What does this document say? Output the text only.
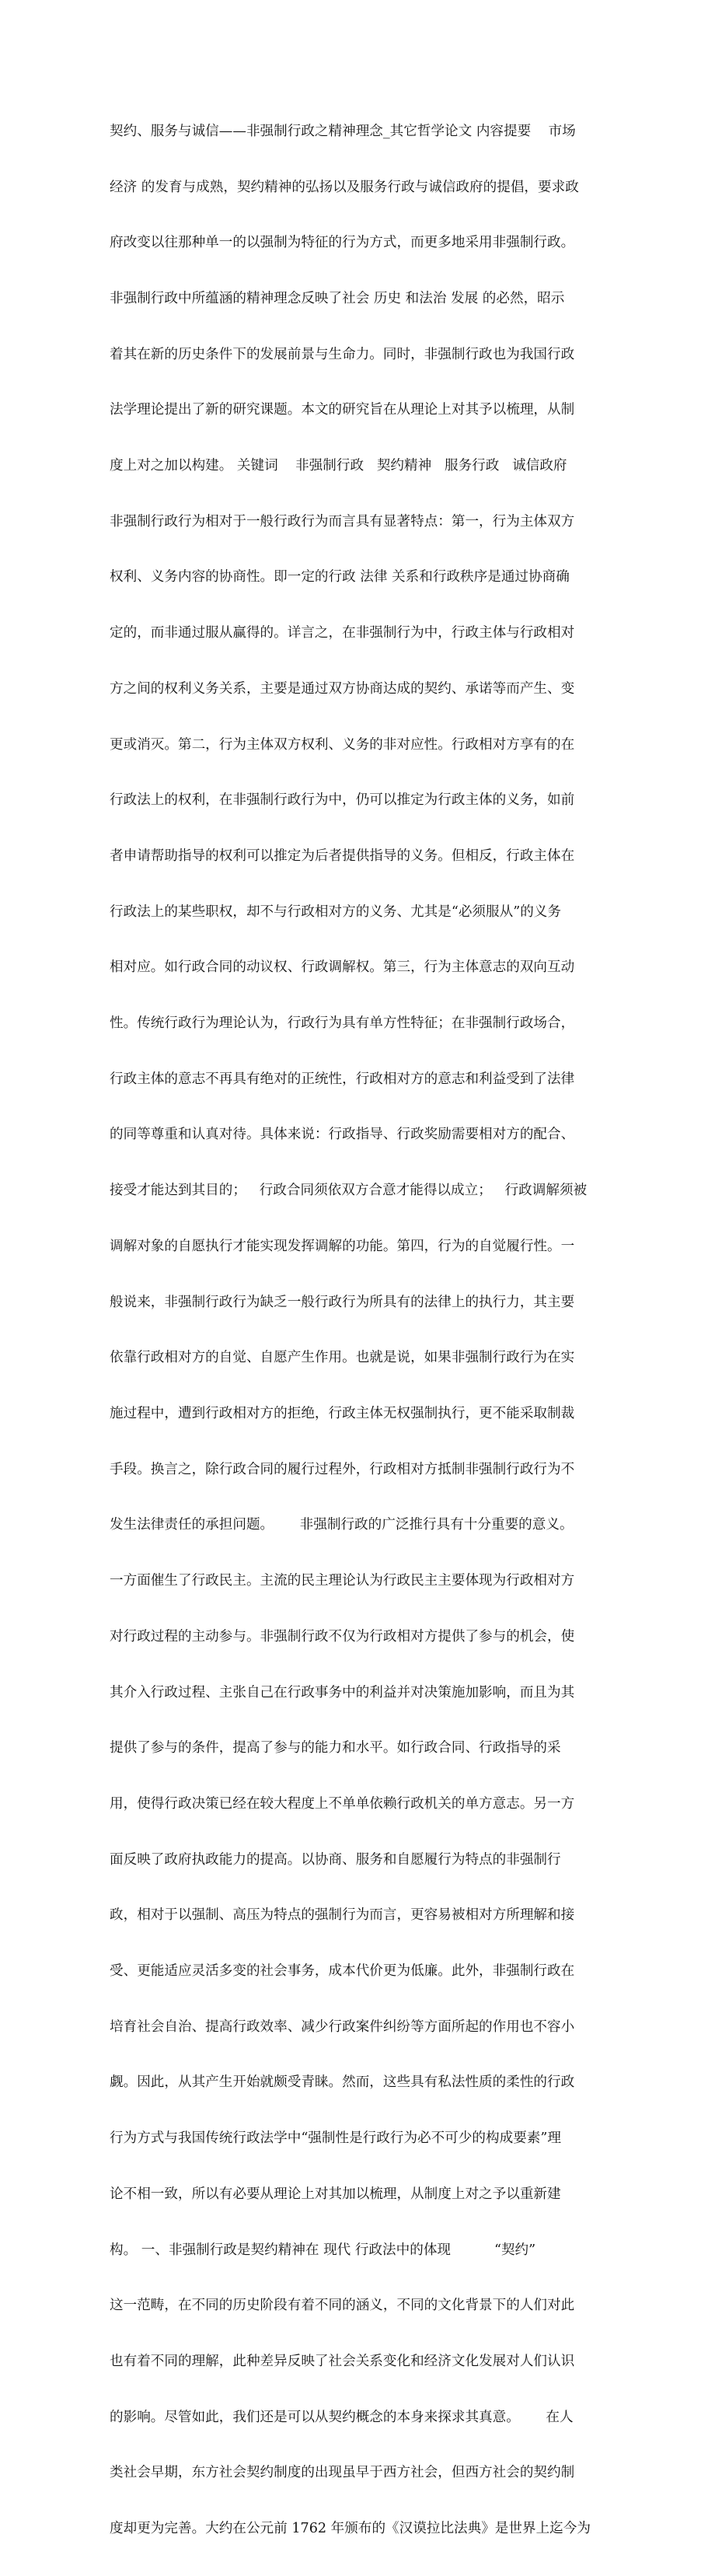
契约、服务与诚信——非强制行政之精神理念_其它哲学论文 内容提要    市场

经济 的发育与成熟，契约精神的弘扬以及服务行政与诚信政府的提倡，要求政

府改变以往那种单一的以强制为特征的行为方式，而更多地采用非强制行政。

非强制行政中所蕴涵的精神理念反映了社会 历史 和法治 发展 的必然，昭示

着其在新的历史条件下的发展前景与生命力。同时，非强制行政也为我国行政

法学理论提出了新的研究课题。本文的研究旨在从理论上对其予以梳理，从制

度上对之加以构建。 关键词    非强制行政   契约精神   服务行政   诚信政府

非强制行政行为相对于一般行政行为而言具有显著特点：第一，行为主体双方

权利、义务内容的协商性。即一定的行政 法律 关系和行政秩序是通过协商确

定的，而非通过服从赢得的。详言之，在非强制行为中，行政主体与行政相对

方之间的权利义务关系，主要是通过双方协商达成的契约、承诺等而产生、变

更或消灭。第二，行为主体双方权利、义务的非对应性。行政相对方享有的在

行政法上的权利，在非强制行政行为中，仍可以推定为行政主体的义务，如前

者申请帮助指导的权利可以推定为后者提供指导的义务。但相反，行政主体在

行政法上的某些职权，却不与行政相对方的义务、尤其是“必须服从”的义务

相对应。如行政合同的动议权、行政调解权。第三，行为主体意志的双向互动

性。传统行政行为理论认为，行政行为具有单方性特征；在非强制行政场合，

行政主体的意志不再具有绝对的正统性，行政相对方的意志和利益受到了法律

的同等尊重和认真对待。具体来说：行政指导、行政奖励需要相对方的配合、

接受才能达到其目的；   行政合同须依双方合意才能得以成立；   行政调解须被

调解对象的自愿执行才能实现发挥调解的功能。第四，行为的自觉履行性。一

般说来，非强制行政行为缺乏一般行政行为所具有的法律上的执行力，其主要

依靠行政相对方的自觉、自愿产生作用。也就是说，如果非强制行政行为在实

施过程中，遭到行政相对方的拒绝，行政主体无权强制执行，更不能采取制裁

手段。换言之，除行政合同的履行过程外，行政相对方抵制非强制行政行为不

发生法律责任的承担问题。      非强制行政的广泛推行具有十分重要的意义。

一方面催生了行政民主。主流的民主理论认为行政民主主要体现为行政相对方

对行政过程的主动参与。非强制行政不仅为行政相对方提供了参与的机会，使

其介入行政过程、主张自己在行政事务中的利益并对决策施加影响，而且为其

提供了参与的条件，提高了参与的能力和水平。如行政合同、行政指导的采

用，使得行政决策已经在较大程度上不单单依赖行政机关的单方意志。另一方

面反映了政府执政能力的提高。以协商、服务和自愿履行为特点的非强制行

政，相对于以强制、高压为特点的强制行为而言，更容易被相对方所理解和接

受、更能适应灵活多变的社会事务，成本代价更为低廉。此外，非强制行政在

培育社会自治、提高行政效率、减少行政案件纠纷等方面所起的作用也不容小

觑。因此，从其产生开始就颇受青睐。然而，这些具有私法性质的柔性的行政

行为方式与我国传统行政法学中“强制性是行政行为必不可少的构成要素”理

论不相一致，所以有必要从理论上对其加以梳理，从制度上对之予以重新建

构。 一、非强制行政是契约精神在 现代 行政法中的体现          “契约”

这一范畴，在不同的历史阶段有着不同的涵义，不同的文化背景下的人们对此

也有着不同的理解，此种差异反映了社会关系变化和经济文化发展对人们认识

的影响。尽管如此，我们还是可以从契约概念的本身来探求其真意。      在人

类社会早期，东方社会契约制度的出现虽早于西方社会，但西方社会的契约制

度却更为完善。大约在公元前 1762 年颁布的《汉谟拉比法典》是世界上迄今为
